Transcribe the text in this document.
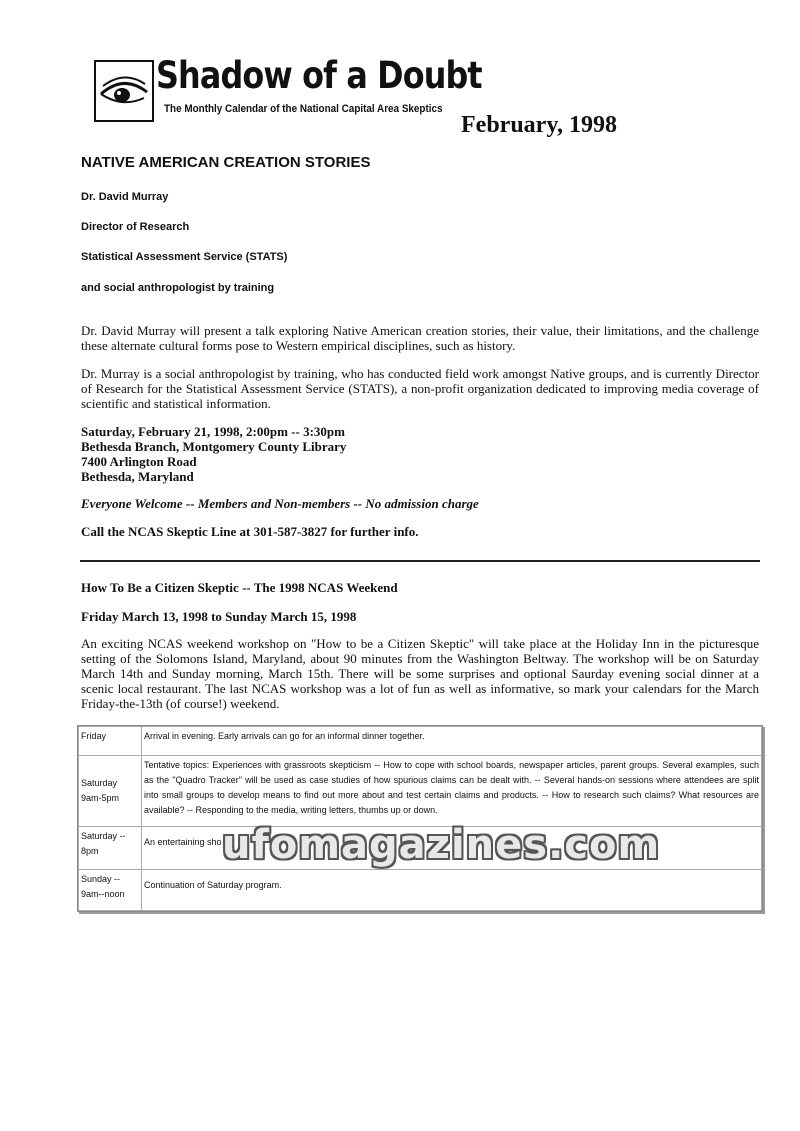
Shadow of a Doubt
The Monthly Calendar of the National Capital Area Skeptics
February, 1998
NATIVE AMERICAN CREATION STORIES
Dr. David Murray
Director of Research
Statistical Assessment Service (STATS)
and social anthropologist by training
Dr. David Murray will present a talk exploring Native American creation stories, their value, their limitations, and the challenge these alternate cultural forms pose to Western empirical disciplines, such as history.
Dr. Murray is a social anthropologist by training, who has conducted field work amongst Native groups, and is currently Director of Research for the Statistical Assessment Service (STATS), a non-profit organization dedicated to improving media coverage of scientific and statistical information.
Saturday, February 21, 1998, 2:00pm -- 3:30pm
Bethesda Branch, Montgomery County Library
7400 Arlington Road
Bethesda, Maryland
Everyone Welcome -- Members and Non-members -- No admission charge
Call the NCAS Skeptic Line at 301-587-3827 for further info.
How To Be a Citizen Skeptic -- The 1998 NCAS Weekend
Friday March 13, 1998 to Sunday March 15, 1998
An exciting NCAS weekend workshop on "How to be a Citizen Skeptic" will take place at the Holiday Inn in the picturesque setting of the Solomons Island, Maryland, about 90 minutes from the Washington Beltway. The workshop will be on Saturday March 14th and Sunday morning, March 15th. There will be some surprises and optional Saurday evening social dinner at a scenic local restaurant. The last NCAS workshop was a lot of fun as well as informative, so mark your calendars for the March Friday-the-13th (of course!) weekend.
Friday	Arrival in evening. Early arrivals can go for an informal dinner together.
Saturday 9am-5pm	Tentative topics: Experiences with grassroots skepticism -- How to cope with school boards, newspaper articles, parent groups. Several examples, such as the "Quadro Tracker" will be used as case studies of how spurious claims can be dealt with. -- Several hands-on sessions where attendees are split into small groups to develop means to find out more about and test certain claims and products. -- How to research such claims? What resources are available? -- Responding to the media, writing letters, thumbs up or down.
Saturday -- 8pm	An entertaining sho
Sunday -- 9am--noon	Continuation of Saturday program.
ufomagazines.com
